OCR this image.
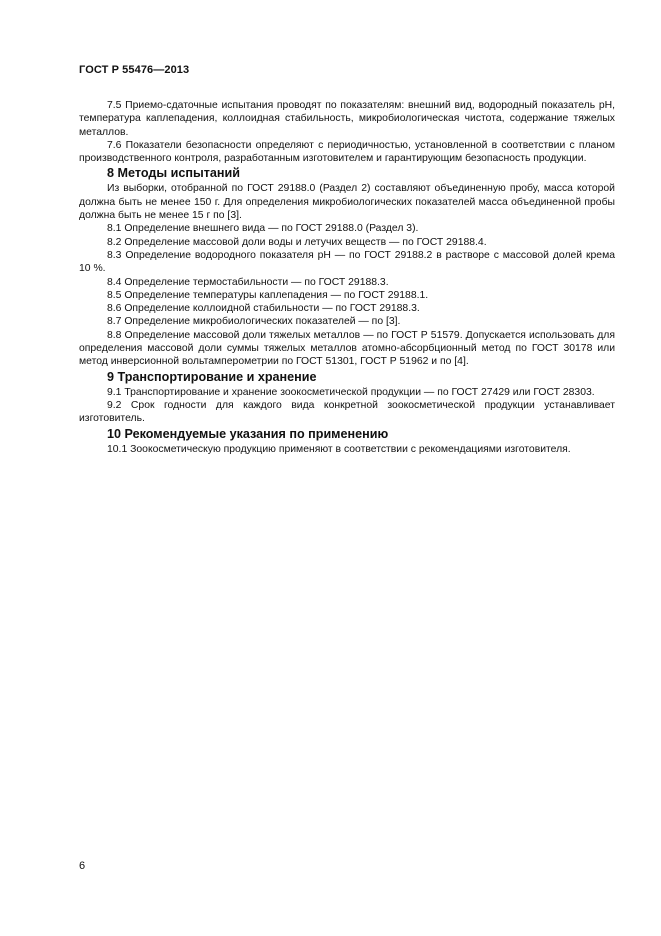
ГОСТ Р 55476—2013

7.5 Приемо-сдаточные испытания проводят по показателям: внешний вид, водородный показатель pH, температура каплепадения, коллоидная стабильность, микробиологическая чистота, содержание тяжелых металлов.

7.6 Показатели безопасности определяют с периодичностью, установленной в соответствии с планом производственного контроля, разработанным изготовителем и гарантирующим безопасность продукции.

8 Методы испытаний

Из выборки, отобранной по ГОСТ 29188.0 (Раздел 2) составляют объединенную пробу, масса которой должна быть не менее 150 г. Для определения микробиологических показателей масса объединенной пробы должна быть не менее 15 г по [3].

8.1 Определение внешнего вида — по ГОСТ 29188.0 (Раздел 3).

8.2 Определение массовой доли воды и летучих веществ — по ГОСТ 29188.4.

8.3 Определение водородного показателя pH — по ГОСТ 29188.2 в растворе с массовой долей крема 10 %.

8.4 Определение термостабильности — по ГОСТ 29188.3.

8.5 Определение температуры каплепадения — по ГОСТ 29188.1.

8.6 Определение коллоидной стабильности — по ГОСТ 29188.3.

8.7 Определение микробиологических показателей — по [3].

8.8 Определение массовой доли тяжелых металлов — по ГОСТ Р 51579. Допускается использовать для определения массовой доли суммы тяжелых металлов атомно-абсорбционный метод по ГОСТ 30178 или метод инверсионной вольтамперометрии по ГОСТ 51301, ГОСТ Р 51962 и по [4].

9 Транспортирование и хранение

9.1 Транспортирование и хранение зоокосметической продукции — по ГОСТ 27429 или ГОСТ 28303.

9.2 Срок годности для каждого вида конкретной зоокосметической продукции устанавливает изготовитель.

10 Рекомендуемые указания по применению

10.1 Зоокосметическую продукцию применяют в соответствии с рекомендациями изготовителя.

6
